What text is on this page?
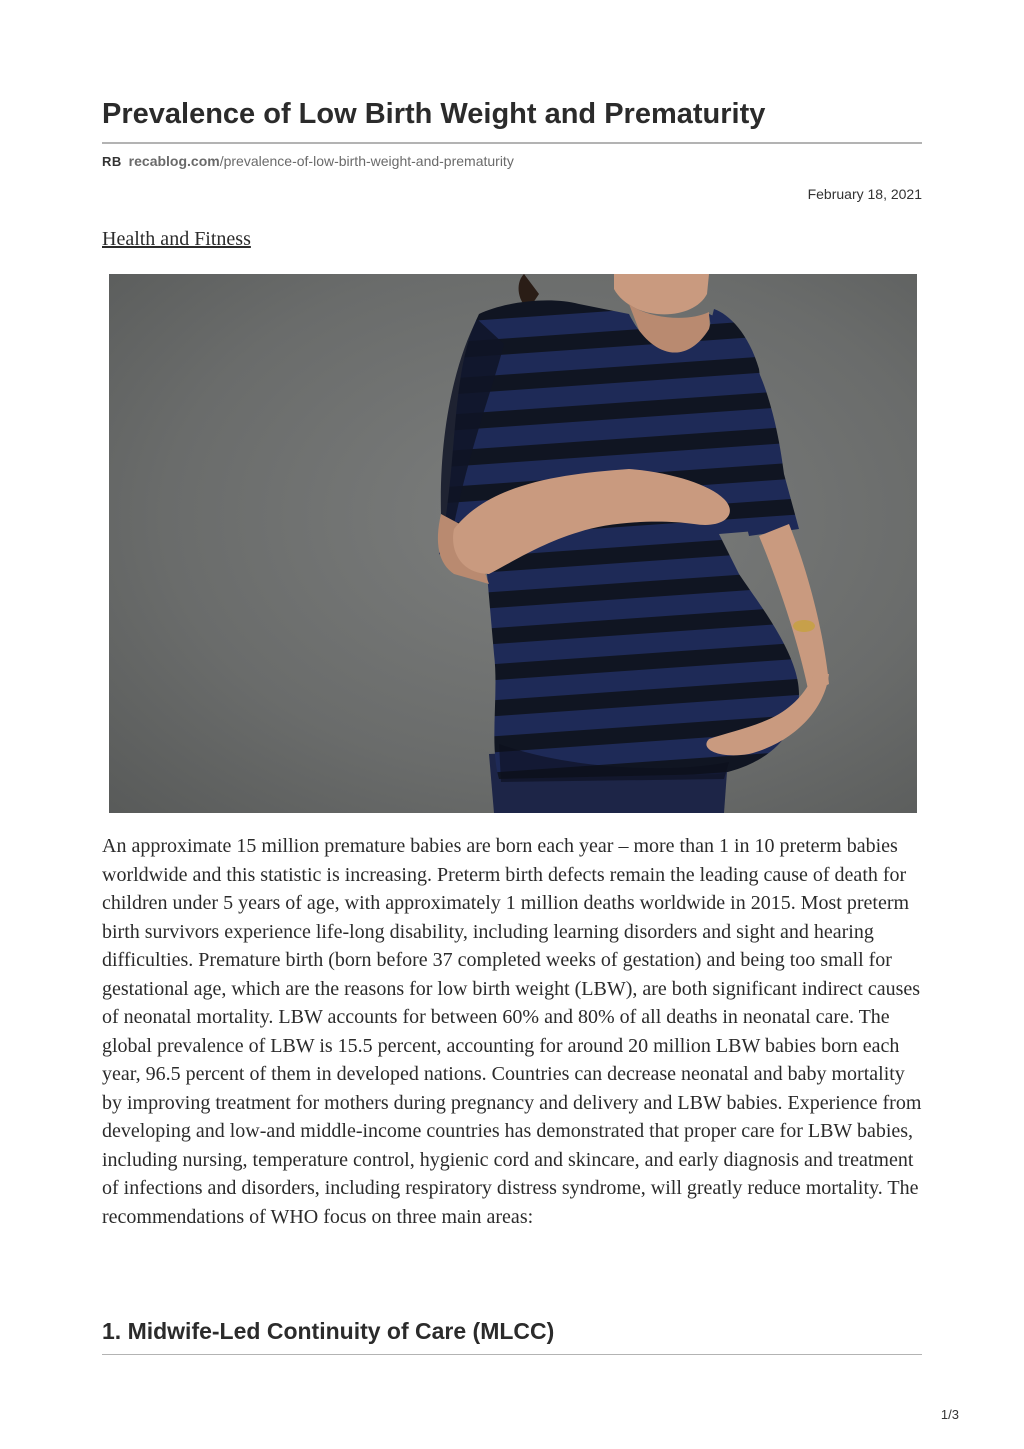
Prevalence of Low Birth Weight and Prematurity
RB recablog.com/prevalence-of-low-birth-weight-and-prematurity
February 18, 2021
Health and Fitness

An approximate 15 million premature babies are born each year – more than 1 in 10 preterm babies worldwide and this statistic is increasing. Preterm birth defects remain the leading cause of death for children under 5 years of age, with approximately 1 million deaths worldwide in 2015. Most preterm birth survivors experience life-long disability, including learning disorders and sight and hearing difficulties. Premature birth (born before 37 completed weeks of gestation) and being too small for gestational age, which are the reasons for low birth weight (LBW), are both significant indirect causes of neonatal mortality. LBW accounts for between 60% and 80% of all deaths in neonatal care. The global prevalence of LBW is 15.5 percent, accounting for around 20 million LBW babies born each year, 96.5 percent of them in developed nations. Countries can decrease neonatal and baby mortality by improving treatment for mothers during pregnancy and delivery and LBW babies. Experience from developing and low-and middle-income countries has demonstrated that proper care for LBW babies, including nursing, temperature control, hygienic cord and skincare, and early diagnosis and treatment of infections and disorders, including respiratory distress syndrome, will greatly reduce mortality. The recommendations of WHO focus on three main areas:

1. Midwife-Led Continuity of Care (MLCC)
1/3
